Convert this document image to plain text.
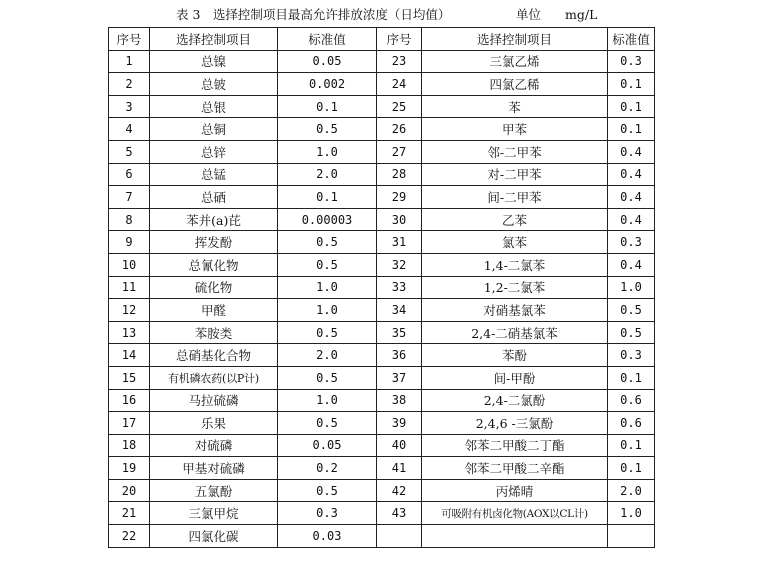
表 3　选择控制项目最高允许排放浓度（日均值）	单位 mg/L
序号	选择控制项目	标准值	序号	选择控制项目	标准值
1	总镍	0.05	23	三氯乙烯	0.3
2	总铍	0.002	24	四氯乙稀	0.1
3	总银	0.1	25	苯	0.1
4	总铜	0.5	26	甲苯	0.1
5	总锌	1.0	27	邻-二甲苯	0.4
6	总锰	2.0	28	对-二甲苯	0.4
7	总硒	0.1	29	间-二甲苯	0.4
8	苯并(a)芘	0.00003	30	乙苯	0.4
9	挥发酚	0.5	31	氯苯	0.3
10	总氰化物	0.5	32	1,4-二氯苯	0.4
11	硫化物	1.0	33	1,2-二氯苯	1.0
12	甲醛	1.0	34	对硝基氯苯	0.5
13	苯胺类	0.5	35	2,4-二硝基氯苯	0.5
14	总硝基化合物	2.0	36	苯酚	0.3
15	有机磷农药(以P计)	0.5	37	间-甲酚	0.1
16	马拉硫磷	1.0	38	2,4-二氯酚	0.6
17	乐果	0.5	39	2,4,6 -三氯酚	0.6
18	对硫磷	0.05	40	邻苯二甲酸二丁酯	0.1
19	甲基对硫磷	0.2	41	邻苯二甲酸二辛酯	0.1
20	五氯酚	0.5	42	丙烯晴	2.0
21	三氯甲烷	0.3	43	可吸附有机卤化物(AOX以CL计)	1.0
22	四氯化碳	0.03			
